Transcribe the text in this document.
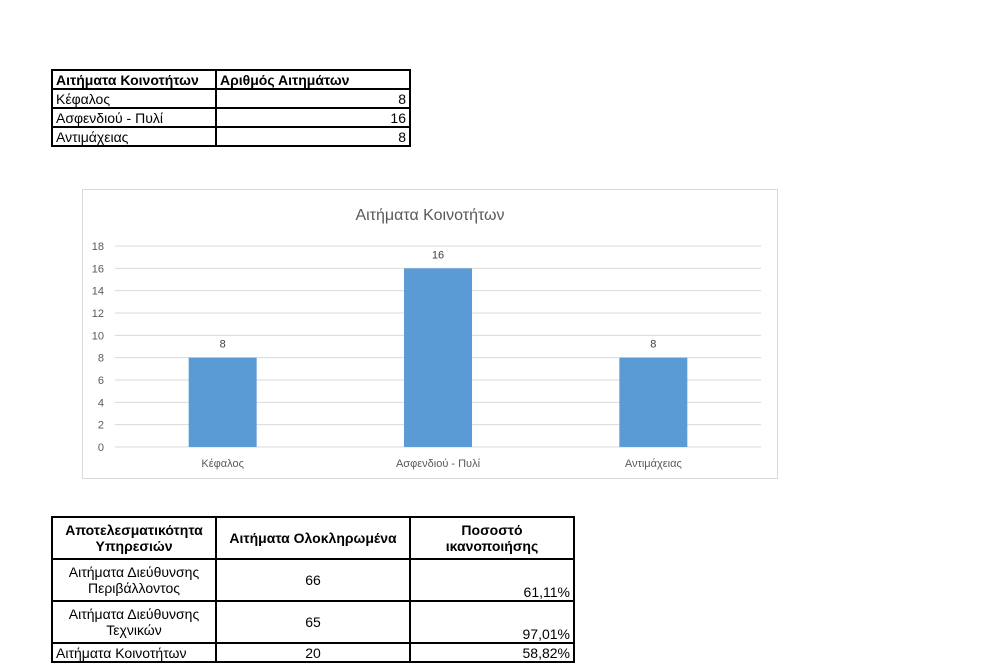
Αιτήματα Κοινοτήτων	Αριθμός Αιτημάτων
Κέφαλος	8
Ασφενδιού - Πυλί	16
Αντιμάχειας	8
Αιτήματα Κοινοτήτων
0
2
4
6
8
10
12
14
16
18
8
16
8
Κέφαλος	Ασφενδιού - Πυλί	Αντιμάχειας
Αποτελεσματικότητα Υπηρεσιών	Αιτήματα Ολοκληρωμένα	Ποσοστό ικανοποιήσης
Αιτήματα Διεύθυνσης Περιβάλλοντος	66	61,11%
Αιτήματα Διεύθυνσης Τεχνικών	65	97,01%
Αιτήματα Κοινοτήτων	20	58,82%
